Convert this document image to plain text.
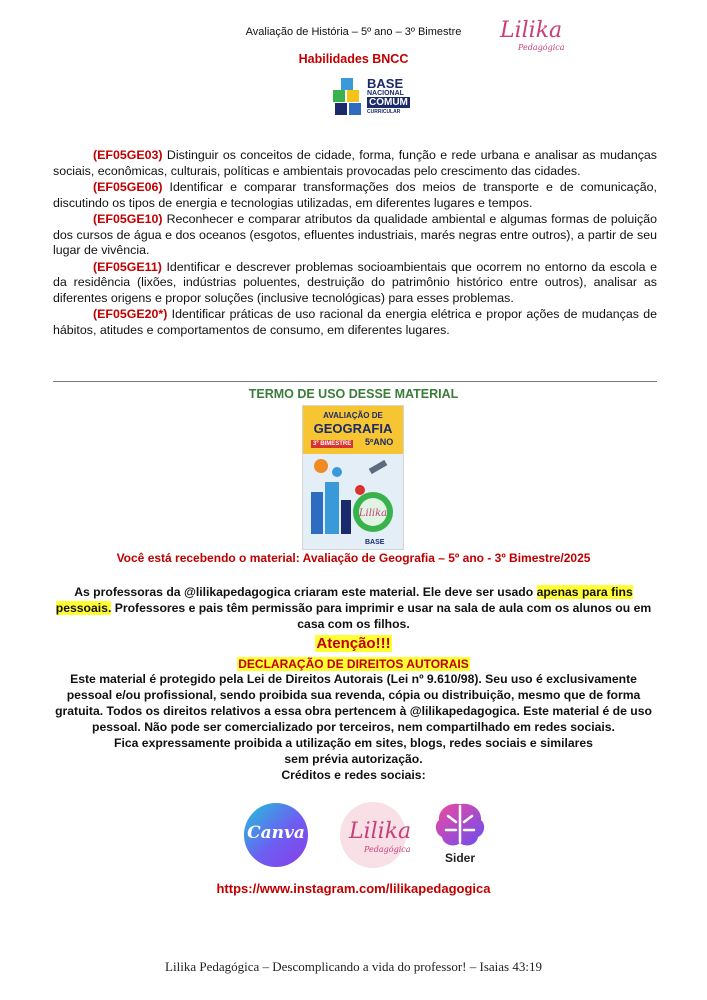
Avaliação de História – 5º ano – 3º Bimestre	Lilika
Pedagógica
Habilidades BNCC
BASE
NACIONAL
COMUM
CURRICULAR

(EF05GE03) Distinguir os conceitos de cidade, forma, função e rede urbana e analisar as mudanças sociais, econômicas, culturais, políticas e ambientais provocadas pelo crescimento das cidades.

(EF05GE06) Identificar e comparar transformações dos meios de transporte e de comunicação, discutindo os tipos de energia e tecnologias utilizadas, em diferentes lugares e tempos.

(EF05GE10) Reconhecer e comparar atributos da qualidade ambiental e algumas formas de poluição dos cursos de água e dos oceanos (esgotos, efluentes industriais, marés negras entre outros), a partir de seu lugar de vivência.

(EF05GE11) Identificar e descrever problemas socioambientais que ocorrem no entorno da escola e da residência (lixões, indústrias poluentes, destruição do patrimônio histórico entre outros), analisar as diferentes origens e propor soluções (inclusive tecnológicas) para esses problemas.

(EF05GE20*) Identificar práticas de uso racional da energia elétrica e propor ações de mudanças de hábitos, atitudes e comportamentos de consumo, em diferentes lugares.

TERMO DE USO DESSE MATERIAL
AVALIAÇÃO DE
GEOGRAFIA
3º BIMESTRE 5ºANO
Lilika
BASE
Você está recebendo o material: Avaliação de Geografia – 5º ano - 3º Bimestre/2025
As professoras da @lilikapedagogica criaram este material. Ele deve ser usado apenas para fins pessoais. Professores e pais têm permissão para imprimir e usar na sala de aula com os alunos ou em casa com os filhos.
Atenção!!!
DECLARAÇÃO DE DIREITOS AUTORAIS
Este material é protegido pela Lei de Direitos Autorais (Lei nº 9.610/98). Seu uso é exclusivamente pessoal e/ou profissional, sendo proibida sua revenda, cópia ou distribuição, mesmo que de forma gratuita. Todos os direitos relativos a essa obra pertencem à @lilikapedagogica. Este material é de uso pessoal. Não pode ser comercializado por terceiros, nem compartilhado em redes sociais.
Fica expressamente proibida a utilização em sites, blogs, redes sociais e similares
sem prévia autorização.
Créditos e redes sociais:
Canva Lilika
Pedagógica
Sider
https://www.instagram.com/lilikapedagogica
Lilika Pedagógica – Descomplicando a vida do professor! – Isaias 43:19
